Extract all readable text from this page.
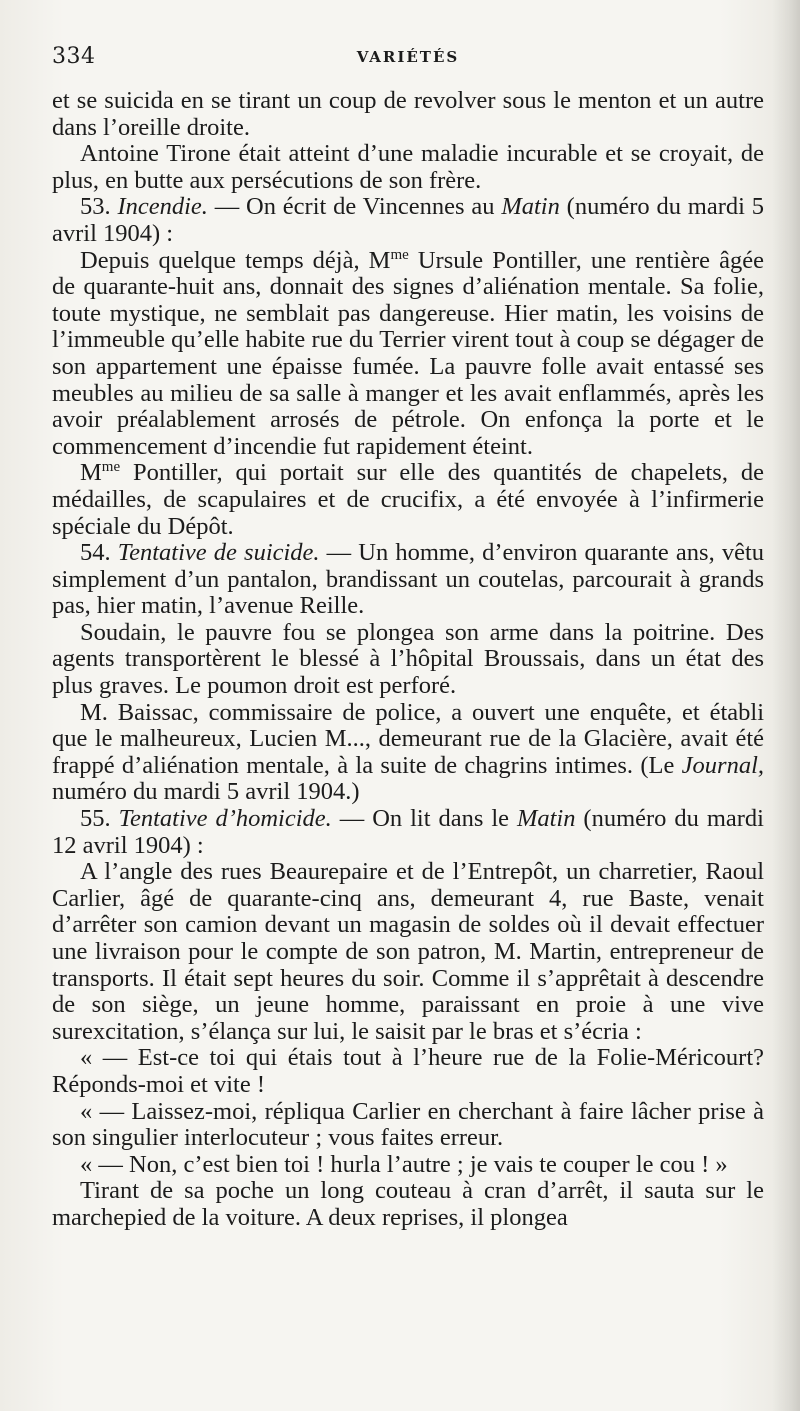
334	VARIÉTÉS

et se suicida en se tirant un coup de revolver sous le menton et un autre dans l’oreille droite.

Antoine Tirone était atteint d’une maladie incurable et se croyait, de plus, en butte aux persécutions de son frère.

53. Incendie. — On écrit de Vincennes au Matin (numéro du mardi 5 avril 1904) :

Depuis quelque temps déjà, $M^{me}$ Ursule Pontiller, une rentière âgée de quarante-huit ans, donnait des signes d’aliénation mentale. Sa folie, toute mystique, ne semblait pas dangereuse. Hier matin, les voisins de l’immeuble qu’elle habite rue du Terrier virent tout à coup se dégager de son appartement une épaisse fumée. La pauvre folle avait entassé ses meubles au milieu de sa salle à manger et les avait enflammés, après les avoir préalablement arrosés de pétrole. On enfonça la porte et le commencement d’incendie fut rapidement éteint.

$M^{me}$ Pontiller, qui portait sur elle des quantités de chapelets, de médailles, de scapulaires et de crucifix, a été envoyée à l’infirmerie spéciale du Dépôt.

54. Tentative de suicide. — Un homme, d’environ quarante ans, vêtu simplement d’un pantalon, brandissant un coutelas, parcourait à grands pas, hier matin, l’avenue Reille.

Soudain, le pauvre fou se plongea son arme dans la poitrine. Des agents transportèrent le blessé à l’hôpital Broussais, dans un état des plus graves. Le poumon droit est perforé.

M. Baissac, commissaire de police, a ouvert une enquête, et établi que le malheureux, Lucien M..., demeurant rue de la Glacière, avait été frappé d’aliénation mentale, à la suite de chagrins intimes. (Le Journal, numéro du mardi 5 avril 1904.)

55. Tentative d’homicide. — On lit dans le Matin (numéro du mardi 12 avril 1904) :

A l’angle des rues Beaurepaire et de l’Entrepôt, un charretier, Raoul Carlier, âgé de quarante-cinq ans, demeurant 4, rue Baste, venait d’arrêter son camion devant un magasin de soldes où il devait effectuer une livraison pour le compte de son patron, M. Martin, entrepreneur de transports. Il était sept heures du soir. Comme il s’apprêtait à descendre de son siège, un jeune homme, paraissant en proie à une vive surexcitation, s’élança sur lui, le saisit par le bras et s’écria :

« — Est-ce toi qui étais tout à l’heure rue de la Folie-Méricourt? Réponds-moi et vite !

« — Laissez-moi, répliqua Carlier en cherchant à faire lâcher prise à son singulier interlocuteur ; vous faites erreur.

« — Non, c’est bien toi ! hurla l’autre ; je vais te couper le cou ! »

Tirant de sa poche un long couteau à cran d’arrêt, il sauta sur le marchepied de la voiture. A deux reprises, il plongea
